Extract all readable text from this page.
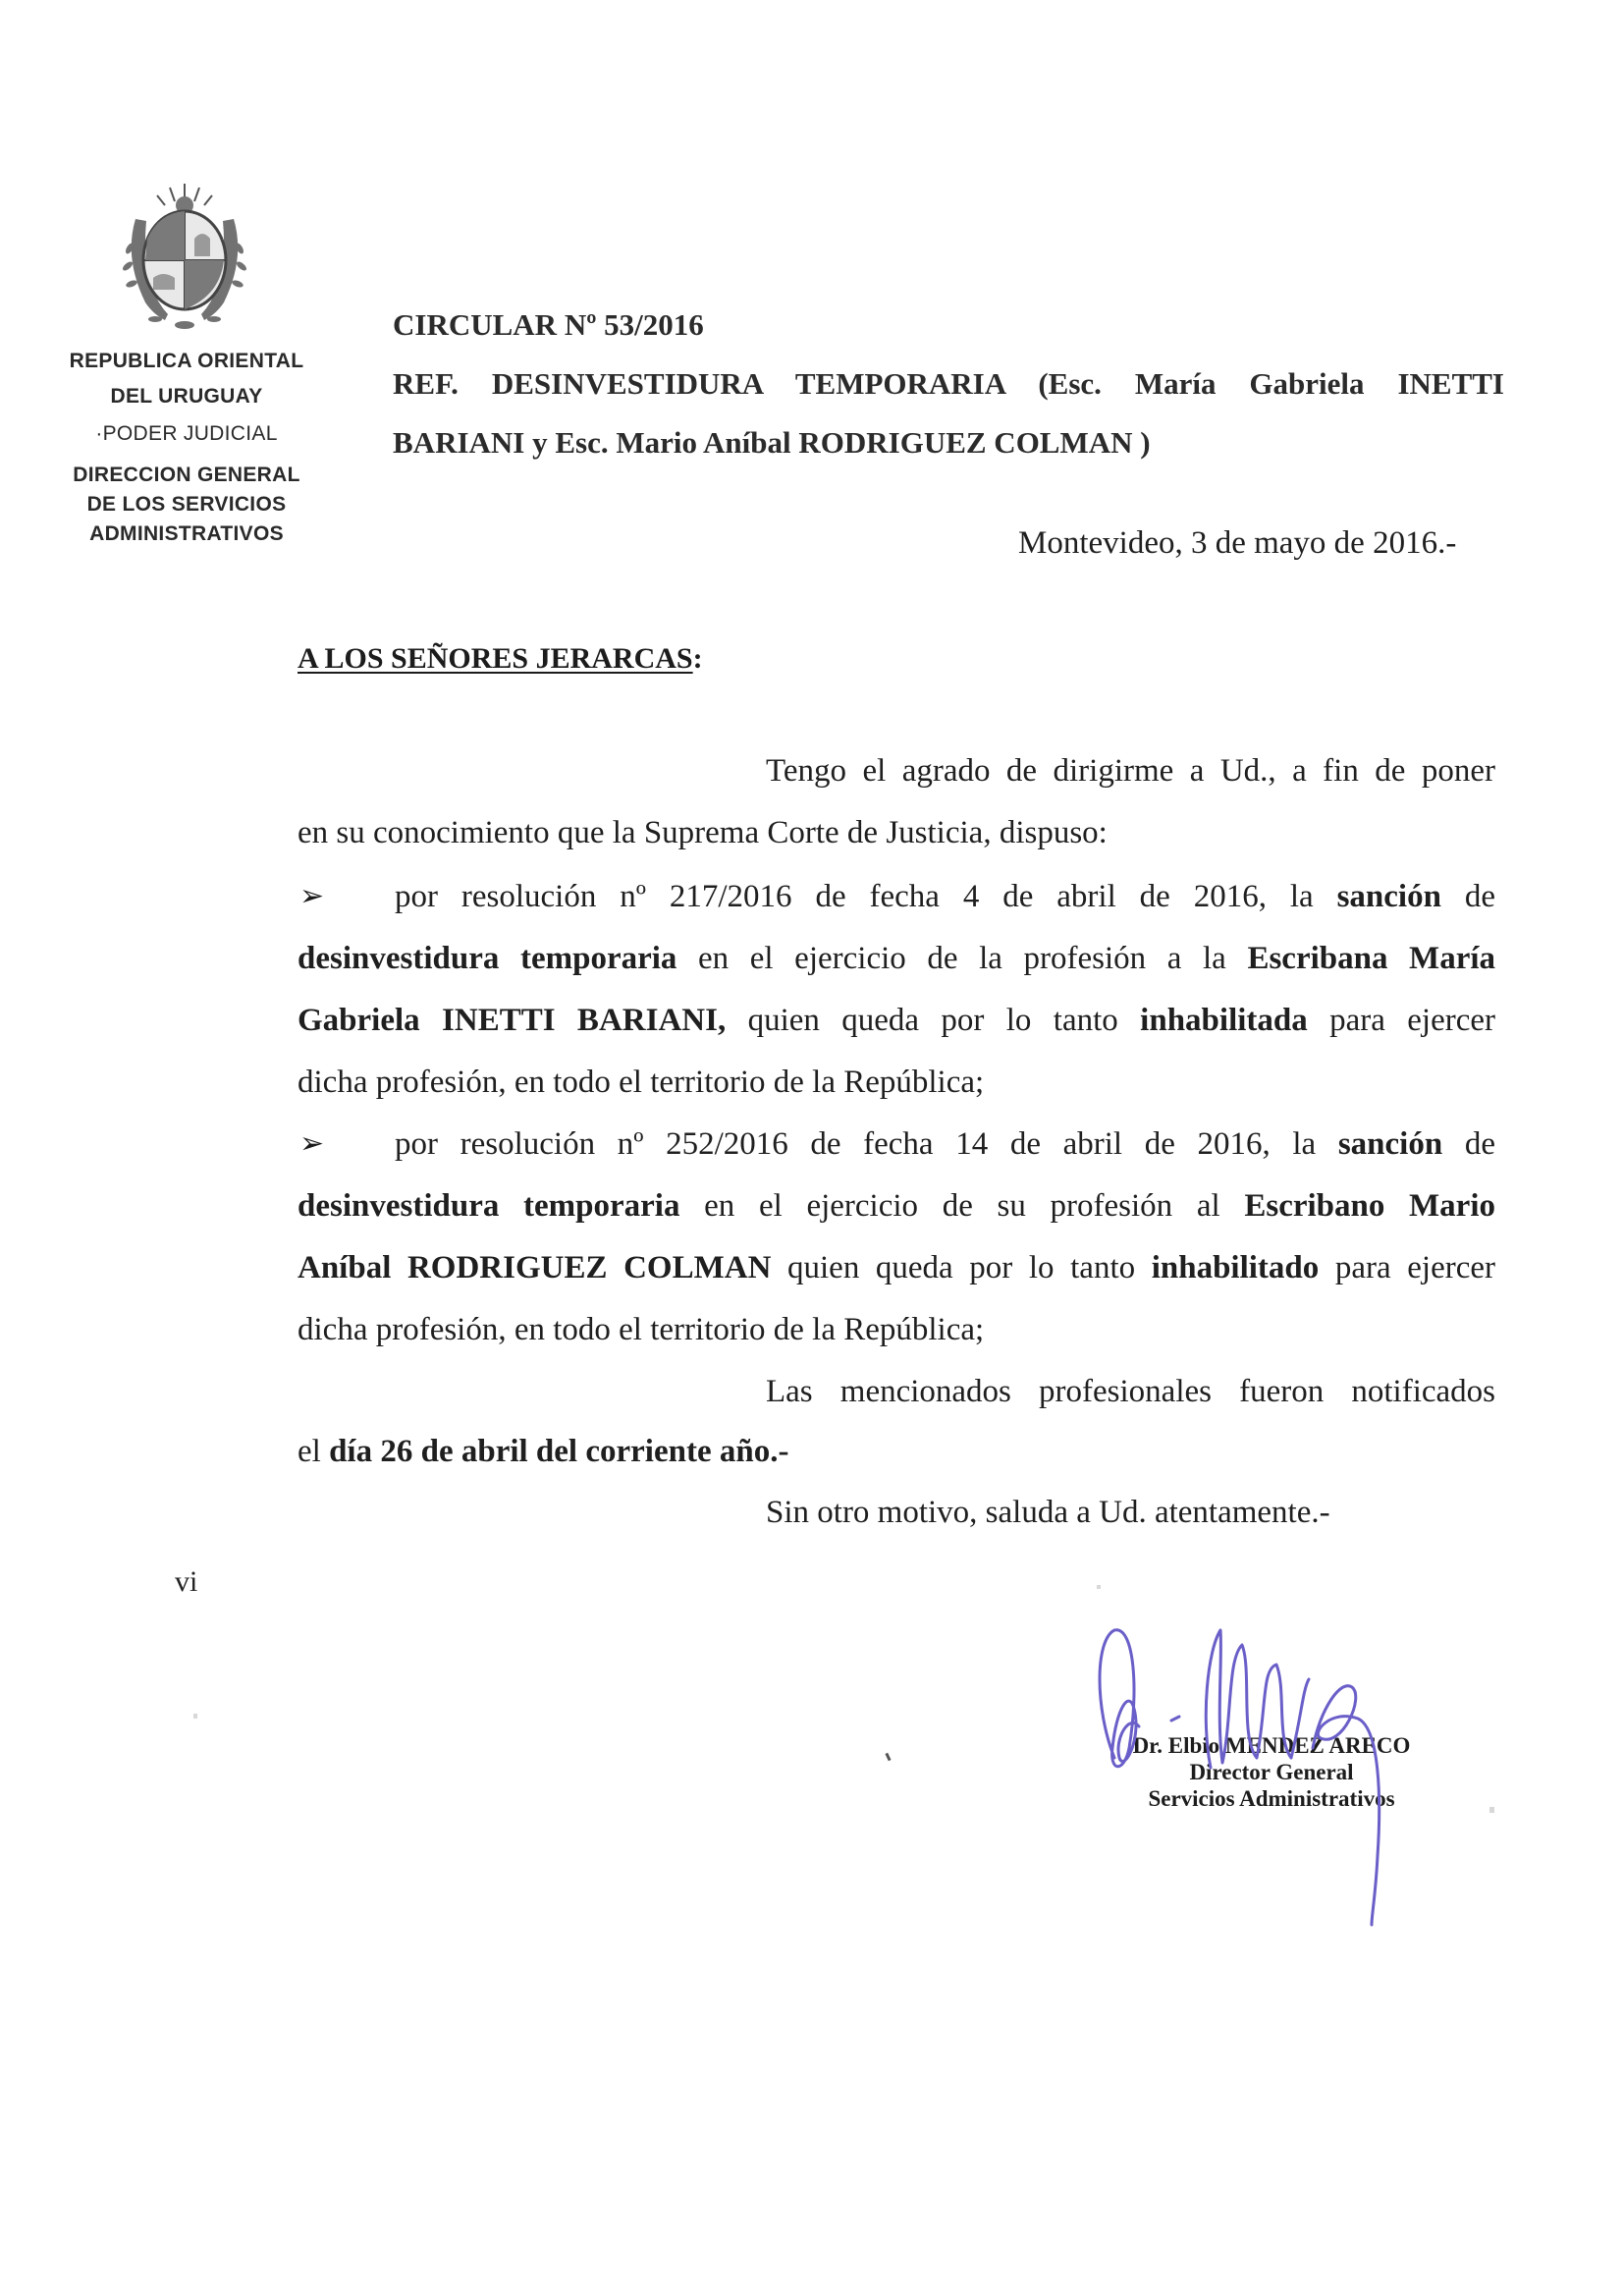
REPUBLICA ORIENTAL
DEL URUGUAY
·PODER JUDICIAL
DIRECCION GENERAL
DE LOS SERVICIOS
ADMINISTRATIVOS
CIRCULAR Nº 53/2016
REF. DESINVESTIDURA TEMPORARIA (Esc. María Gabriela INETTI
BARIANI y Esc. Mario Aníbal RODRIGUEZ COLMAN )
Montevideo, 3 de mayo de 2016.-
A LOS SEÑORES JERARCAS:
Tengo el agrado de dirigirme a Ud., a fin de poner
en su conocimiento que la Suprema Corte de Justicia, dispuso:
➢ por resolución nº 217/2016 de fecha 4 de abril de 2016, la sanción de
desinvestidura temporaria en el ejercicio de la profesión a la Escribana María
Gabriela INETTI BARIANI, quien queda por lo tanto inhabilitada para ejercer
dicha profesión, en todo el territorio de la República;
➢ por resolución nº 252/2016 de fecha 14 de abril de 2016, la sanción de
desinvestidura temporaria en el ejercicio de su profesión al Escribano Mario
Aníbal RODRIGUEZ COLMAN quien queda por lo tanto inhabilitado para ejercer
dicha profesión, en todo el territorio de la República;
Las mencionados profesionales fueron notificados
el día 26 de abril del corriente año.-
Sin otro motivo, saluda a Ud. atentamente.-
vi
Dr. Elbio MENDEZ ARECO
Director General
Servicios Administrativos
